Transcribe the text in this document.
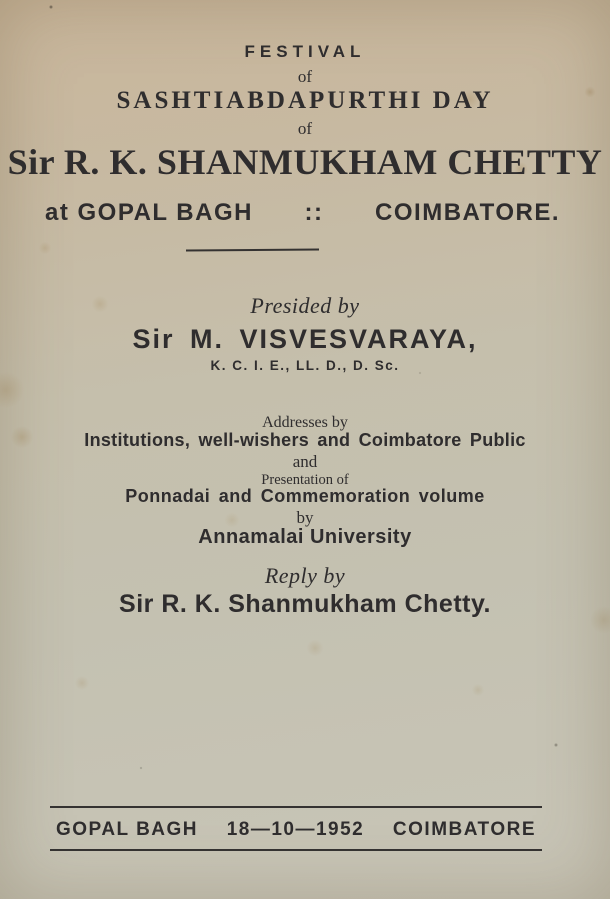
FESTIVAL
of
SASHTIABDAPURTHI DAY
of
Sir R. K. SHANMUKHAM CHETTY
at GOPAL BAGH :: COIMBATORE.
Presided by
Sir M. VISVESVARAYA,
K. C. I. E., LL. D., D. Sc.
Addresses by
Institutions, well-wishers and Coimbatore Public
and
Presentation of
Ponnadai and Commemoration volume
by
Annamalai University
Reply by
Sir R. K. Shanmukham Chetty.
GOPAL BAGH 18—10—1952 COIMBATORE
